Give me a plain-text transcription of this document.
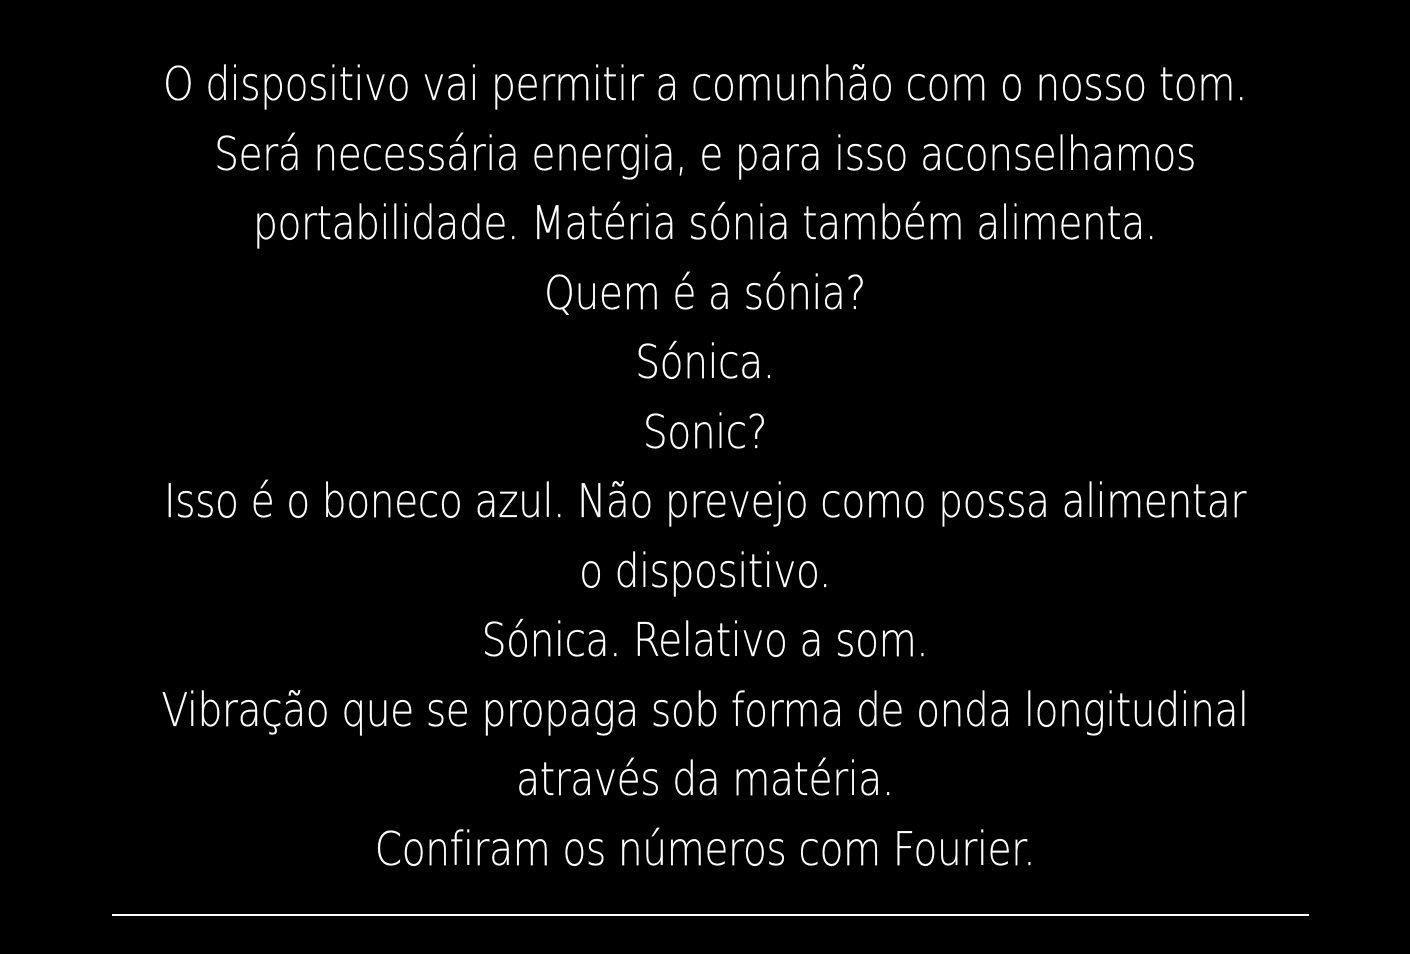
O dispositivo vai permitir a comunhão com o nosso tom.
Será necessária energia, e para isso aconselhamos
portabilidade. Matéria sónia também alimenta.
Quem é a sónia?
Sónica.
Sonic?
Isso é o boneco azul. Não prevejo como possa alimentar
o dispositivo.
Sónica. Relativo a som.
Vibração que se propaga sob forma de onda longitudinal
através da matéria.
Confiram os números com Fourier.
